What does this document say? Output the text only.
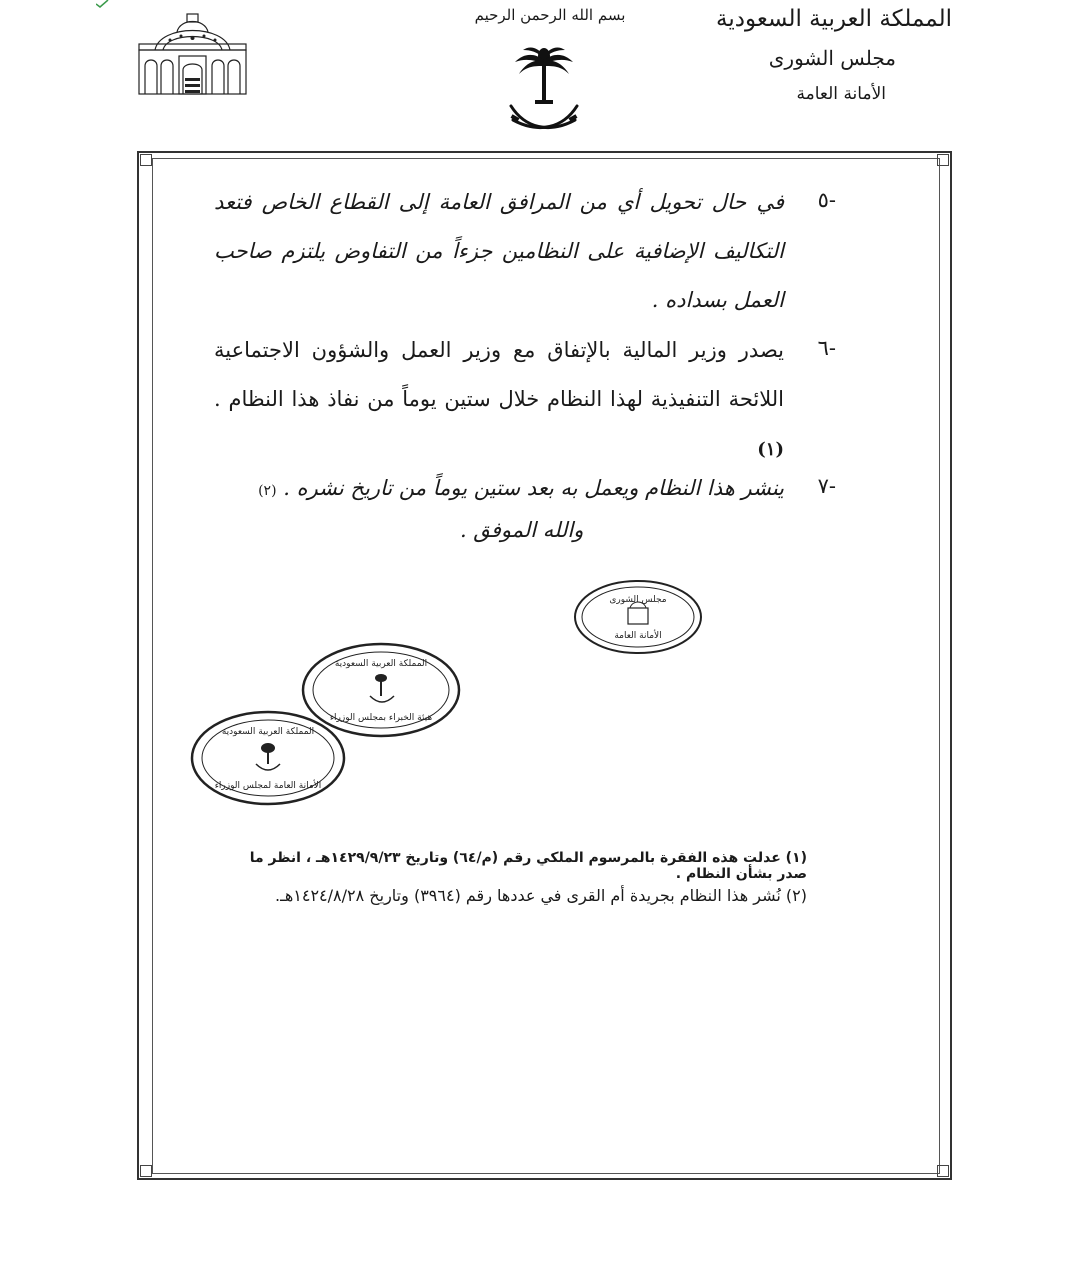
المملكة العربية السعودية
مجلس الشورى
الأمانة العامة
بسم الله الرحمن الرحيم
٥-
في حال تحويل أي من المرافق العامة إلى القطاع الخاص فتعد التكاليف الإضافية على النظامين جزءاً من التفاوض يلتزم صاحب العمل بسداده .
٦-
يصدر وزير المالية بالإتفاق مع وزير العمل والشؤون الاجتماعية اللائحة التنفيذية لهذا النظام خلال ستين يوماً من نفاذ هذا النظام . (١)
٧-
ينشر هذا النظام ويعمل به بعد ستين يوماً من تاريخ نشره . (٢)
والله الموفق .
مجلس الشورى
الأمانة العامة
المملكة العربية السعودية
هيئة الخبراء بمجلس الوزراء
المملكة العربية السعودية
الأمانة العامة لمجلس الوزراء
(١) عدلت هذه الفقرة بالمرسوم الملكي رقم (م/٦٤) وتاريخ ١٤٢٩/٩/٢٣هـ ، انظر ما صدر بشأن النظام .
(٢) نُشر هذا النظام بجريدة أم القرى في عددها رقم (٣٩٦٤) وتاريخ ١٤٢٤/٨/٢٨هـ.
